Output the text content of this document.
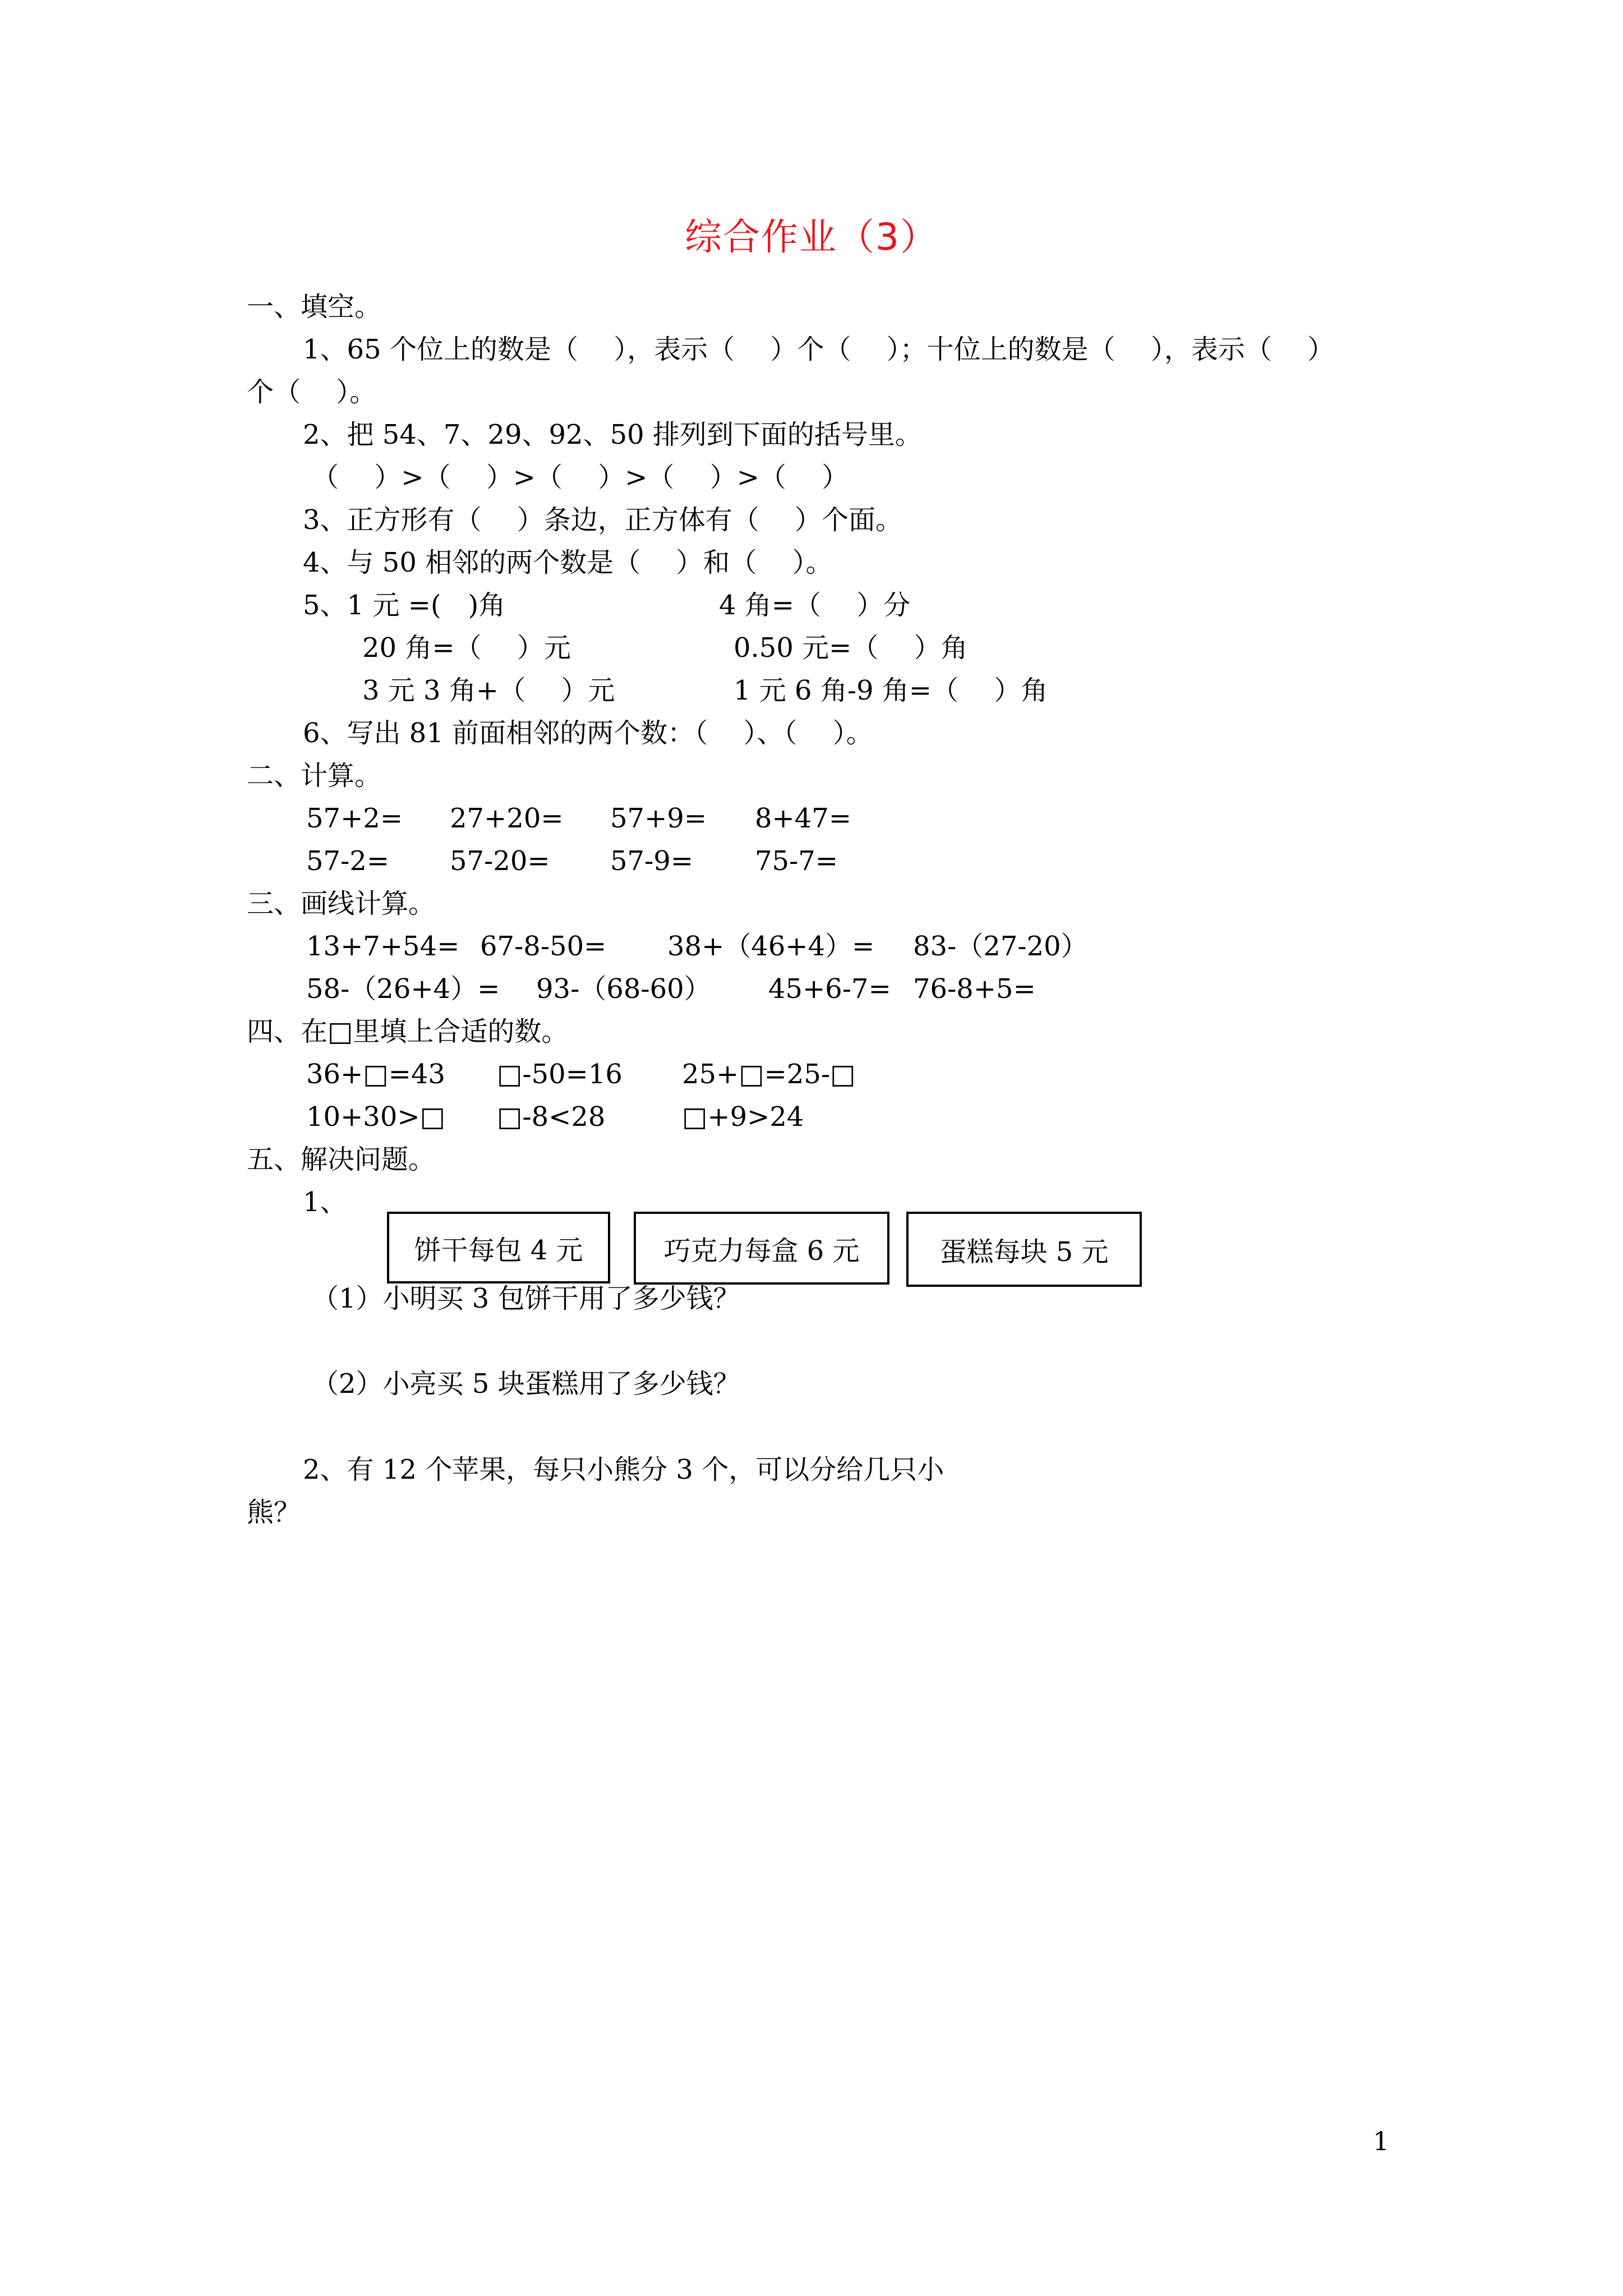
综合作业（3）
一、填空。
1、65 个位上的数是（　 ），表示（　 ）个（　 ）；十位上的数是（　 ），表示（　 ）
个（　 ）。
2、把 54、7、29、92、50 排列到下面的括号里。
（　 ）>（　 ）>（　 ）>（　 ）>（　 ）
3、正方形有（　 ）条边，正方体有（　 ）个面。
4、与 50 相邻的两个数是（　 ）和（　 ）。
5、1 元 =(　)角	4 角=（　 ）分
20 角=（　 ）元	0.50 元=（　 ）角
3 元 3 角+（　 ）元	1 元 6 角-9 角=（　 ）角
6、写出 81 前面相邻的两个数：（　 ）、（　 ）。
二、计算。
57+2= 27+20= 57+9= 8+47=
57-2= 57-20= 57-9= 75-7=
三、画线计算。
13+7+54= 67-8-50= 38+（46+4）= 83-（27-20）
58-（26+4）= 93-（68-60） 45+6-7= 76-8+5=
四、在□里填上合适的数。
36+□=43 □-50=16 25+□=25-□
10+30>□ □-8<28	□+9>24
五、解决问题。
1、
饼干每包 4 元	巧克力每盒 6 元	蛋糕每块 5 元
（1）小明买 3 包饼干用了多少钱？
（2）小亮买 5 块蛋糕用了多少钱？
2、有 12 个苹果，每只小熊分 3 个，可以分给几只小
熊？
1
